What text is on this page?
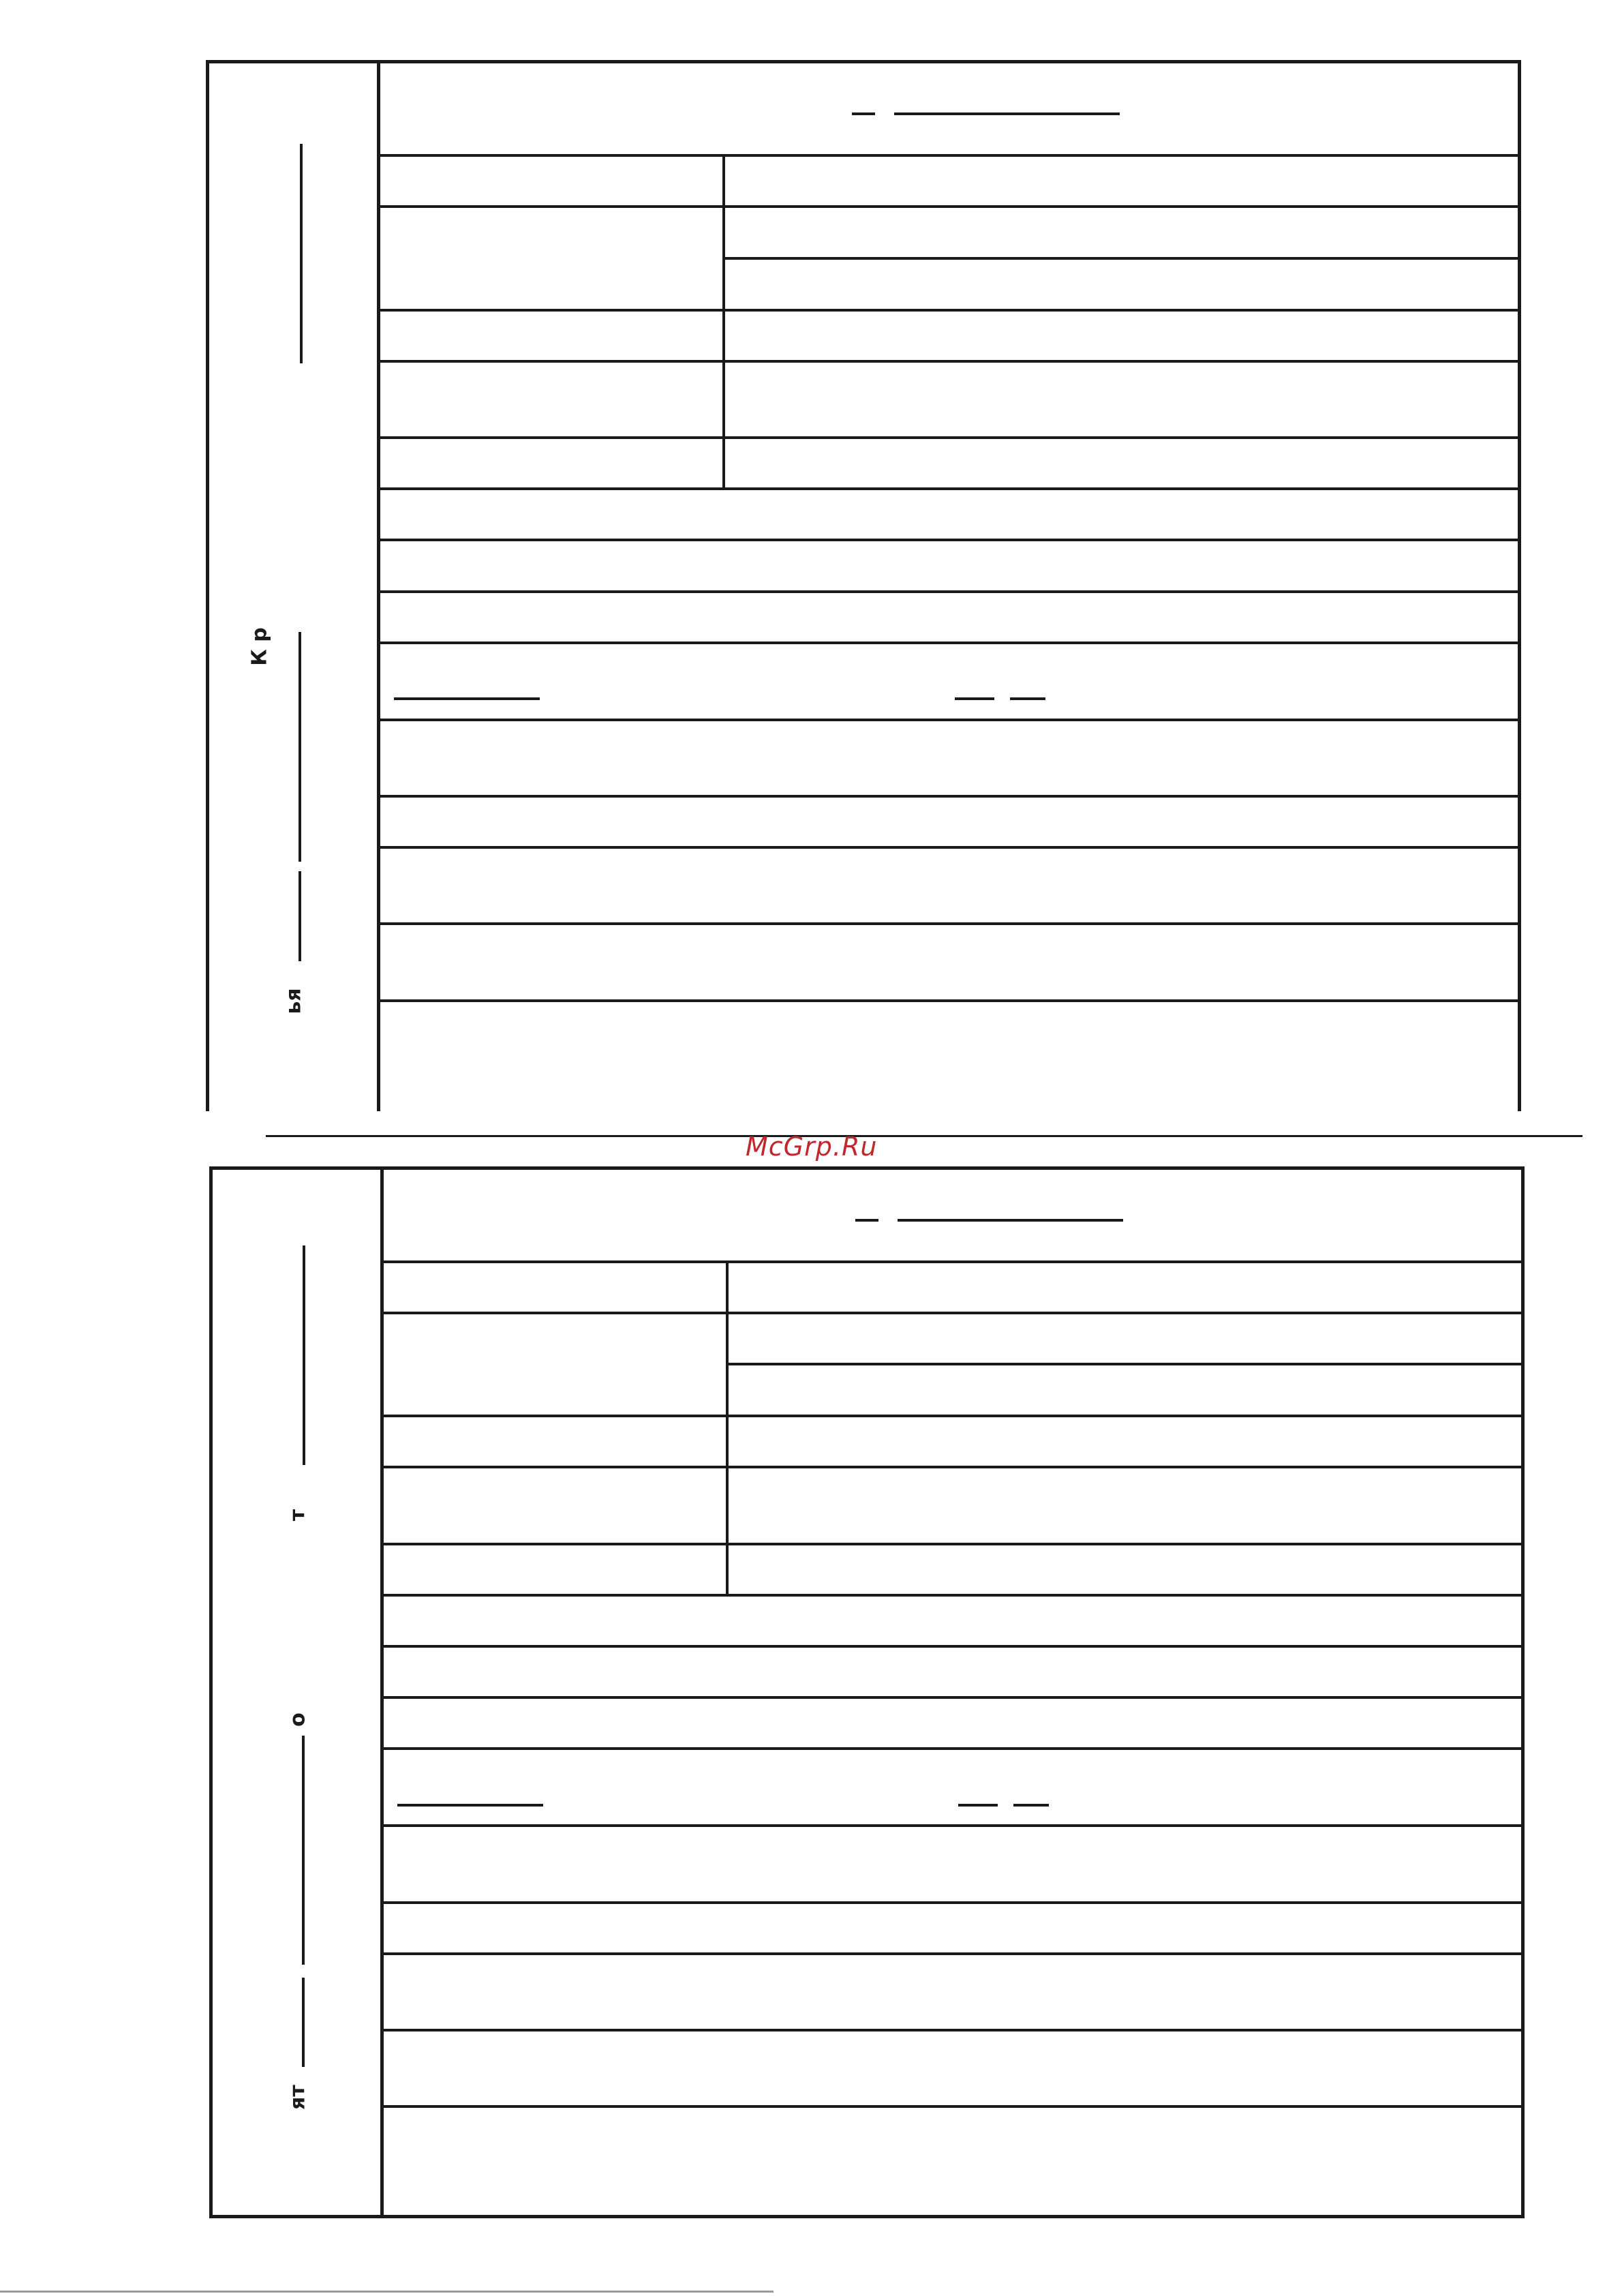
К р
ья
McGrp.Ru
т
о
ят
